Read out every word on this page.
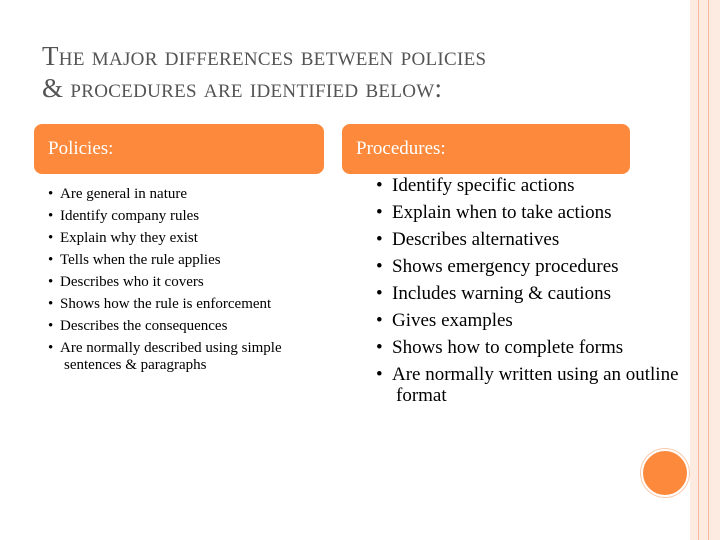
The major differences between policies
& procedures are identified below:
Policies:	Procedures:
• Are general in nature
• Identify company rules
• Explain why they exist
• Tells when the rule applies
• Describes who it covers
• Shows how the rule is enforcement
• Describes the consequences
• Are normally described using simple sentences & paragraphs
• Identify specific actions
• Explain when to take actions
• Describes alternatives
• Shows emergency procedures
• Includes warning & cautions
• Gives examples
• Shows how to complete forms
• Are normally written using an outline format
